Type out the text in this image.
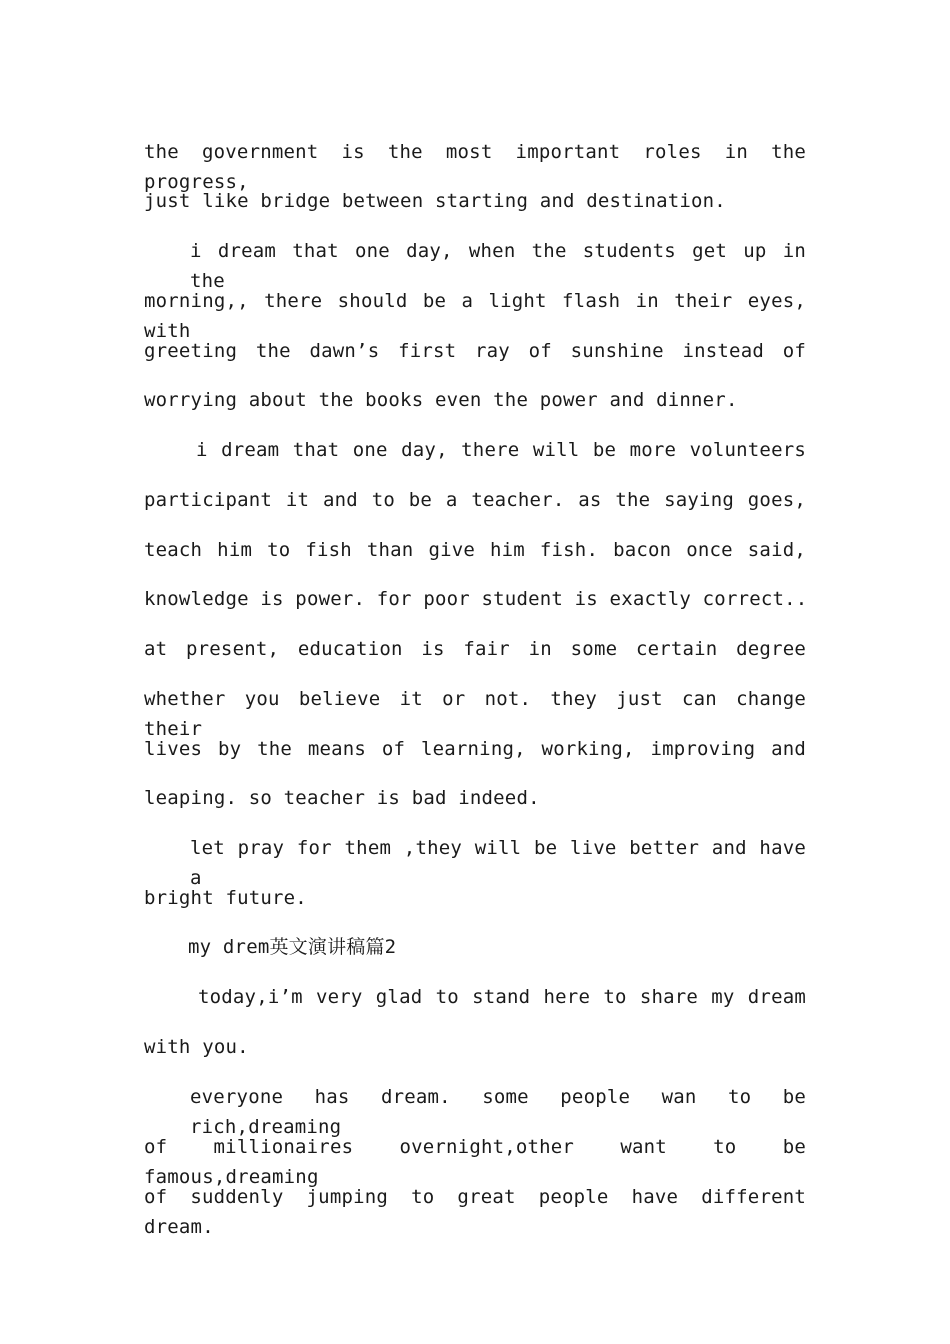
the government is the most important roles in the progress,
just like bridge between starting and destination.
i dream that one day, when the students get up in the
morning,, there should be a light flash in their eyes, with
greeting the dawn’s first ray of sunshine instead of
worrying about the books even the power and dinner.
i dream that one day, there will be more volunteers
participant it and to be a teacher. as the saying goes,
teach him to fish than give him fish. bacon once said,
knowledge is power. for poor student is exactly correct..
at present, education is fair in some certain degree
whether you believe it or not. they just can change their
lives by the means of learning, working, improving and
leaping. so teacher is bad indeed.
let pray for them ,they will be live better and have a
bright future.
my drem英文演讲稿篇2
today,i’m very glad to stand here to share my dream
with you.
everyone has dream. some people wan to be rich,dreaming
of millionaires overnight,other want to be famous,dreaming
of suddenly jumping to great people have different dream.
